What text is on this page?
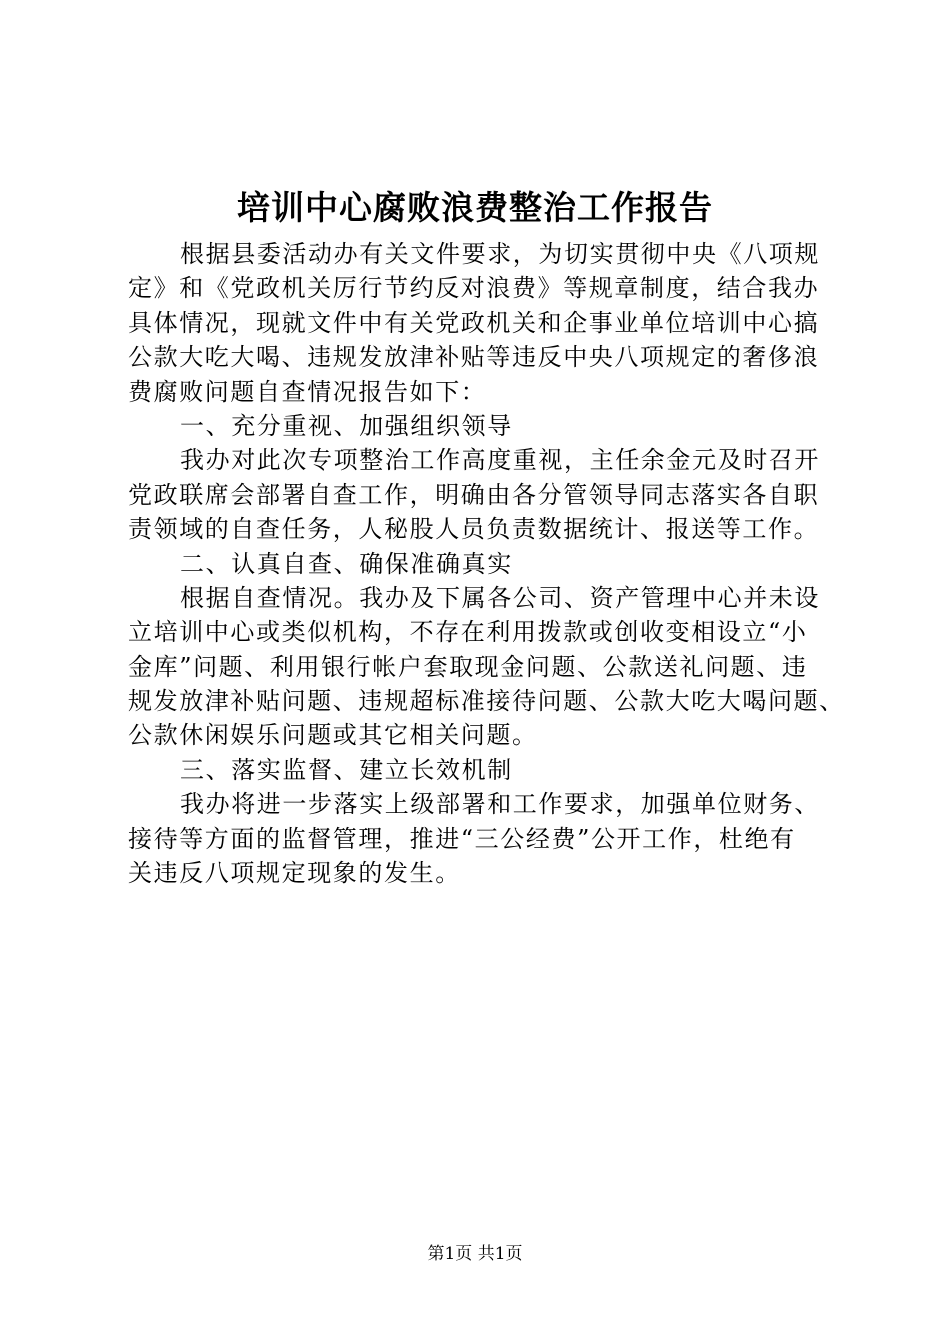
培训中心腐败浪费整治工作报告
根据县委活动办有关文件要求，为切实贯彻中央《八项规
定》和《党政机关厉行节约反对浪费》等规章制度，结合我办
具体情况，现就文件中有关党政机关和企事业单位培训中心搞
公款大吃大喝、违规发放津补贴等违反中央八项规定的奢侈浪
费腐败问题自查情况报告如下：
一、充分重视、加强组织领导
我办对此次专项整治工作高度重视，主任余金元及时召开
党政联席会部署自查工作，明确由各分管领导同志落实各自职
责领域的自查任务，人秘股人员负责数据统计、报送等工作。
二、认真自查、确保准确真实
根据自查情况。我办及下属各公司、资产管理中心并未设
立培训中心或类似机构，不存在利用拨款或创收变相设立“小
金库”问题、利用银行帐户套取现金问题、公款送礼问题、违
规发放津补贴问题、违规超标准接待问题、公款大吃大喝问题、
公款休闲娱乐问题或其它相关问题。
三、落实监督、建立长效机制
我办将进一步落实上级部署和工作要求，加强单位财务、
接待等方面的监督管理，推进“三公经费”公开工作，杜绝有
关违反八项规定现象的发生。
第1页 共1页
